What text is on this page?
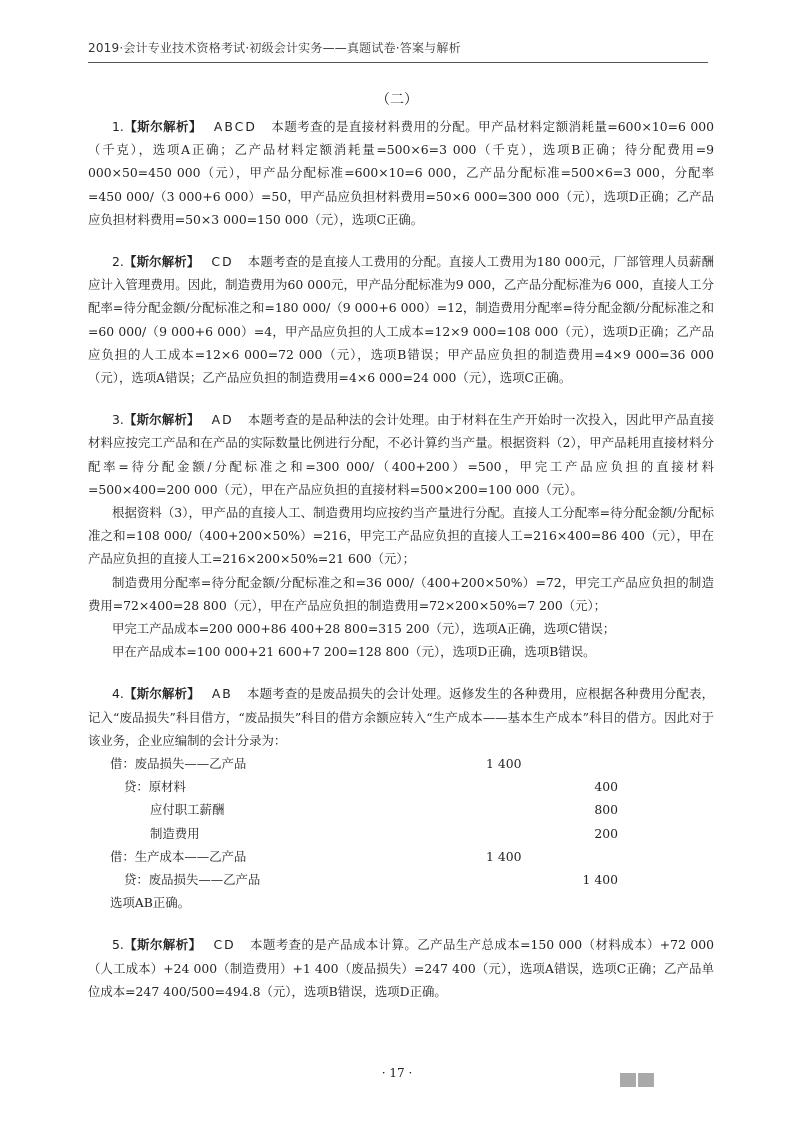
2019·会计专业技术资格考试·初级会计实务——真题试卷·答案与解析
（二）

1.【斯尔解析】 ABCD 本题考查的是直接材料费用的分配。甲产品材料定额消耗量=600×10=6 000（千克），选项A正确；乙产品材料定额消耗量=500×6=3 000（千克），选项B正确；待分配费用=9 000×50=450 000（元），甲产品分配标准=600×10=6 000，乙产品分配标准=500×6=3 000，分配率=450 000/（3 000+6 000）=50，甲产品应负担材料费用=50×6 000=300 000（元），选项D正确；乙产品应负担材料费用=50×3 000=150 000（元），选项C正确。

2.【斯尔解析】 CD 本题考查的是直接人工费用的分配。直接人工费用为180 000元，厂部管理人员薪酬应计入管理费用。因此，制造费用为60 000元，甲产品分配标准为9 000，乙产品分配标准为6 000，直接人工分配率=待分配金额/分配标准之和=180 000/（9 000+6 000）=12，制造费用分配率=待分配金额/分配标准之和=60 000/（9 000+6 000）=4，甲产品应负担的人工成本=12×9 000=108 000（元），选项D正确；乙产品应负担的人工成本=12×6 000=72 000（元），选项B错误；甲产品应负担的制造费用=4×9 000=36 000（元），选项A错误；乙产品应负担的制造费用=4×6 000=24 000（元），选项C正确。

3.【斯尔解析】 AD 本题考查的是品种法的会计处理。由于材料在生产开始时一次投入，因此甲产品直接材料应按完工产品和在产品的实际数量比例进行分配，不必计算约当产量。根据资料（2），甲产品耗用直接材料分配率=待分配金额/分配标准之和=300 000/（400+200）=500，甲完工产品应负担的直接材料=500×400=200 000（元），甲在产品应负担的直接材料=500×200=100 000（元）。

根据资料（3），甲产品的直接人工、制造费用均应按约当产量进行分配。直接人工分配率=待分配金额/分配标准之和=108 000/（400+200×50%）=216，甲完工产品应负担的直接人工=216×400=86 400（元），甲在产品应负担的直接人工=216×200×50%=21 600（元）；

制造费用分配率=待分配金额/分配标准之和=36 000/（400+200×50%）=72，甲完工产品应负担的制造费用=72×400=28 800（元），甲在产品应负担的制造费用=72×200×50%=7 200（元）；

甲完工产品成本=200 000+86 400+28 800=315 200（元），选项A正确，选项C错误；

甲在产品成本=100 000+21 600+7 200=128 800（元），选项D正确，选项B错误。

4.【斯尔解析】 AB 本题考查的是废品损失的会计处理。返修发生的各种费用，应根据各种费用分配表，记入“废品损失”科目借方，“废品损失”科目的借方余额应转入“生产成本——基本生产成本”科目的借方。因此对于该业务，企业应编制的会计分录为：

借：废品损失——乙产品	1 400
贷：原材料	400
应付职工薪酬	800
制造费用	200
借：生产成本——乙产品	1 400
贷：废品损失——乙产品	1 400

选项AB正确。

5.【斯尔解析】 CD 本题考查的是产品成本计算。乙产品生产总成本=150 000（材料成本）+72 000（人工成本）+24 000（制造费用）+1 400（废品损失）=247 400（元），选项A错误，选项C正确；乙产品单位成本=247 400/500=494.8（元），选项B错误，选项D正确。

· 17 ·
